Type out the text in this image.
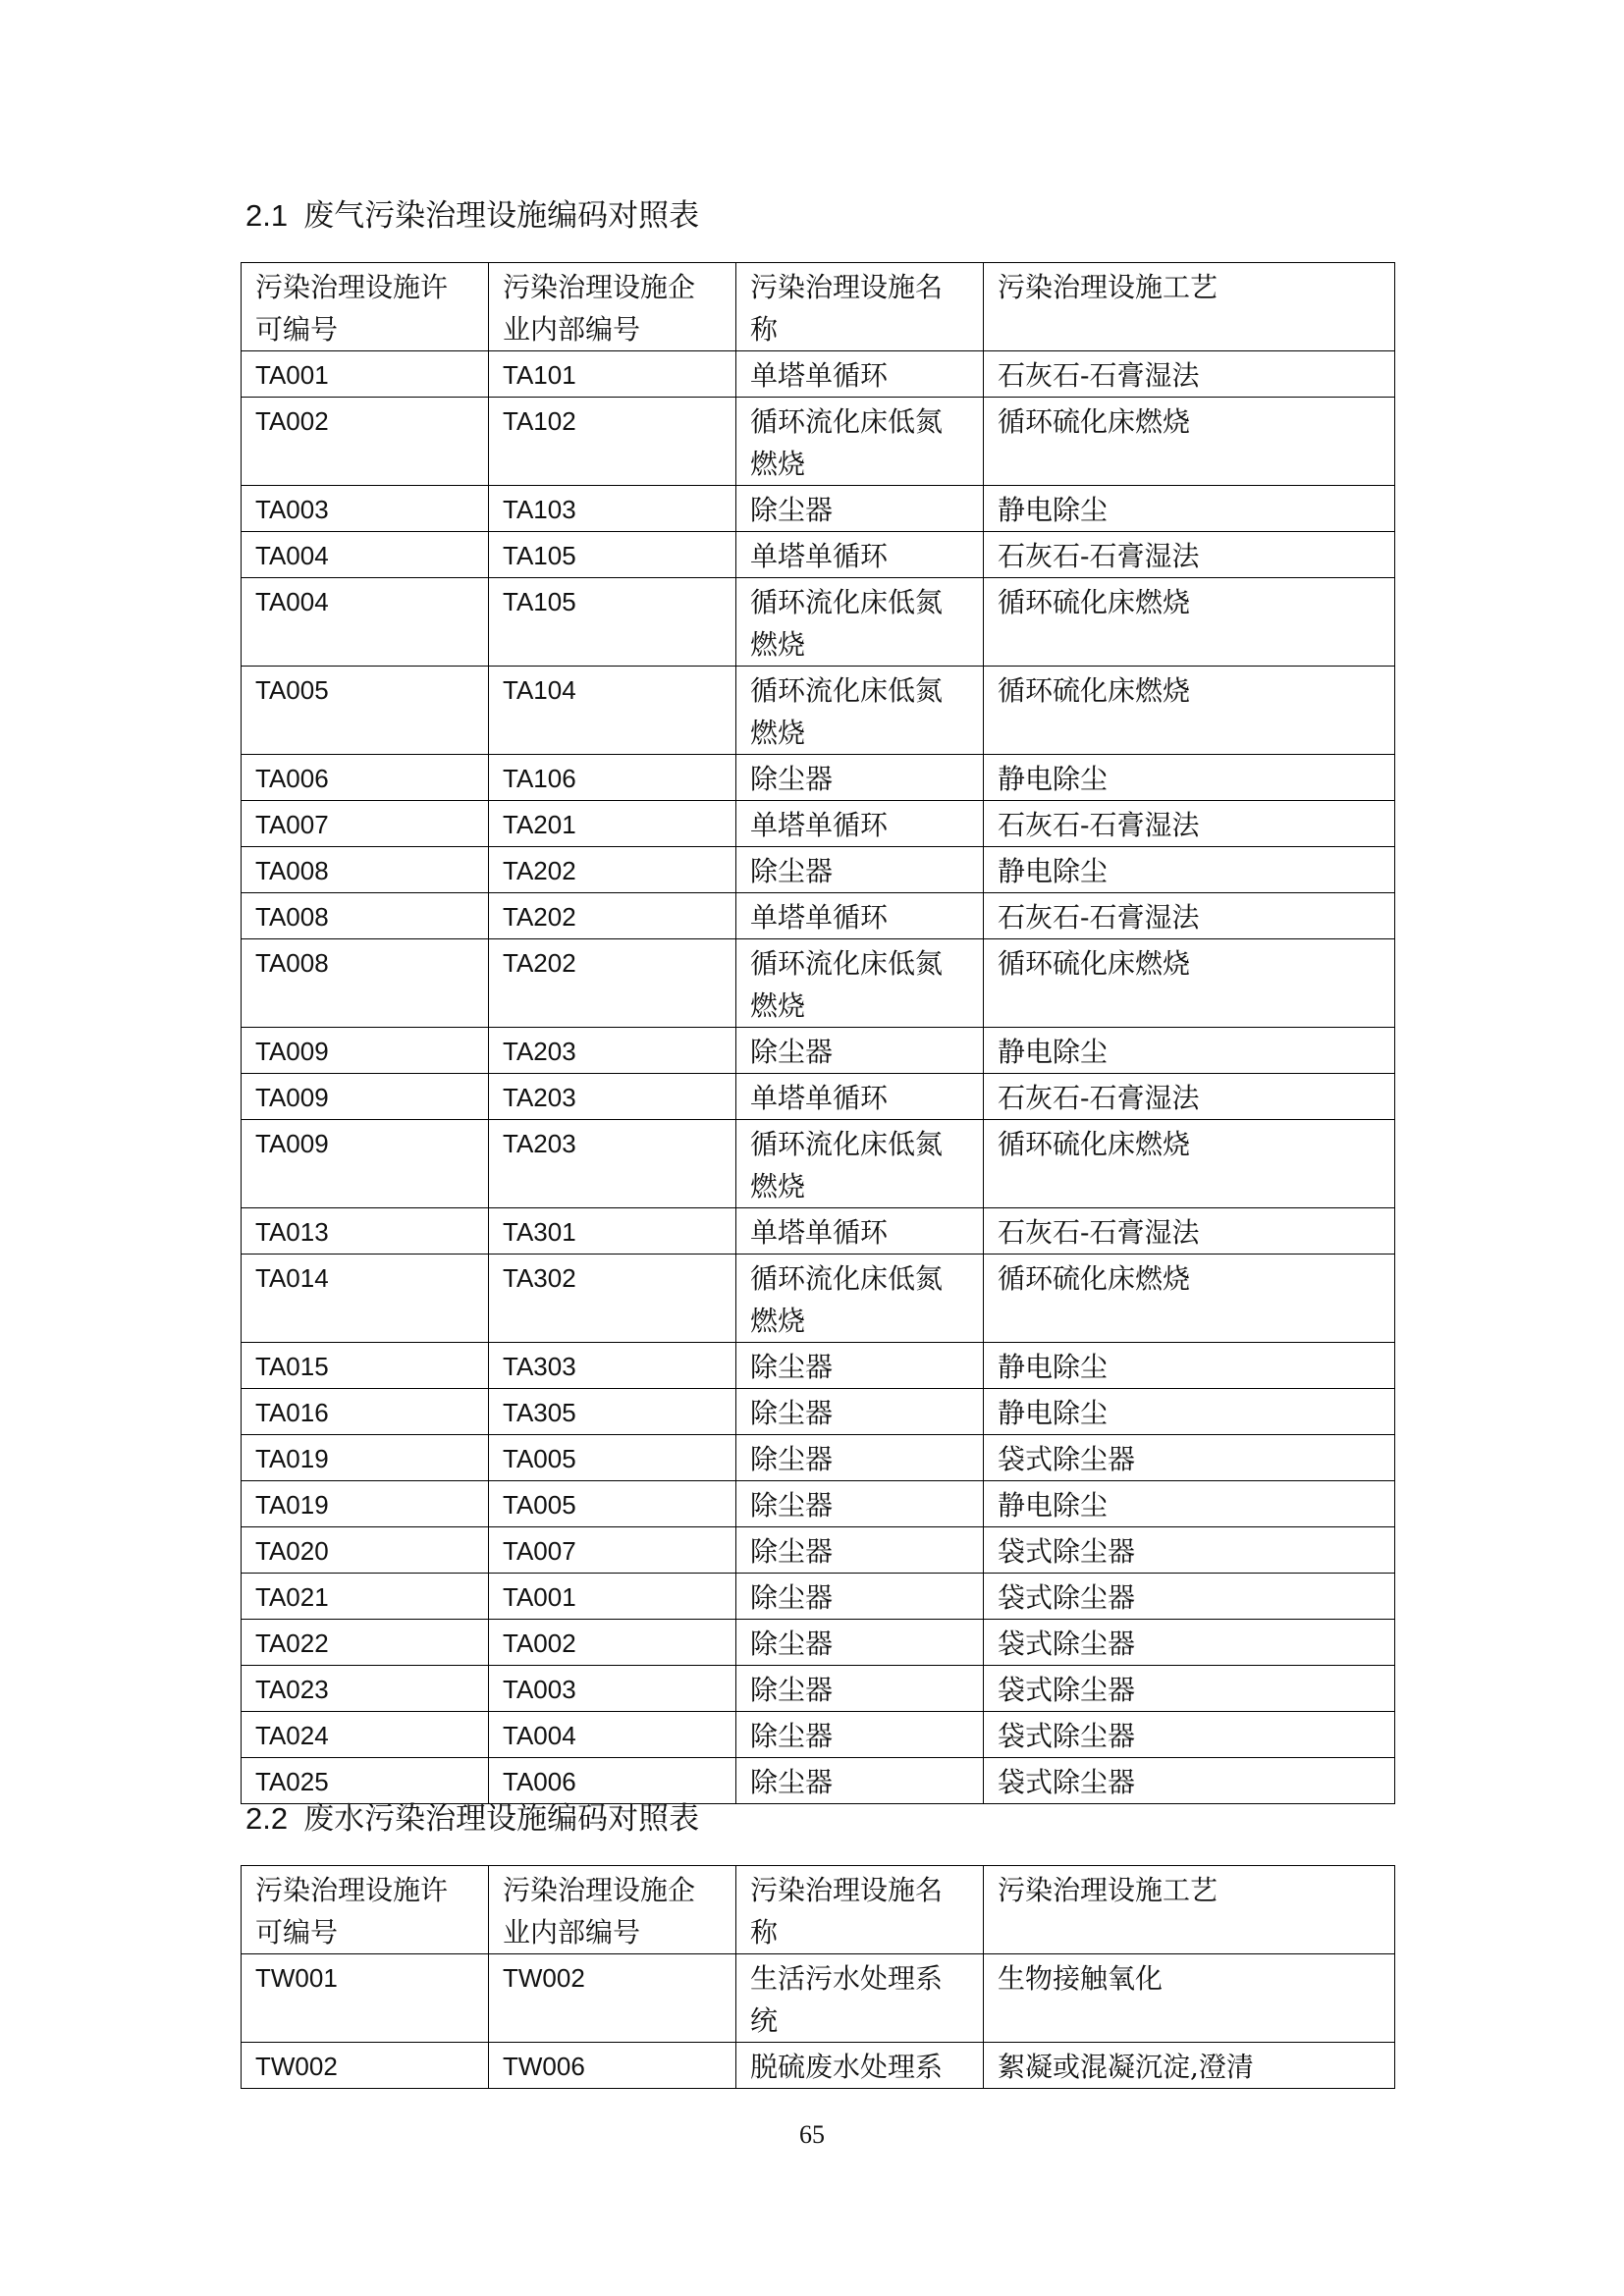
2.1 废气污染治理设施编码对照表
污染治理设施许可编号	污染治理设施企业内部编号	污染治理设施名称	污染治理设施工艺
TA001	TA101	单塔单循环	石灰石-石膏湿法
TA002	TA102	循环流化床低氮燃烧	循环硫化床燃烧
TA003	TA103	除尘器	静电除尘
TA004	TA105	单塔单循环	石灰石-石膏湿法
TA004	TA105	循环流化床低氮燃烧	循环硫化床燃烧
TA005	TA104	循环流化床低氮燃烧	循环硫化床燃烧
TA006	TA106	除尘器	静电除尘
TA007	TA201	单塔单循环	石灰石-石膏湿法
TA008	TA202	除尘器	静电除尘
TA008	TA202	单塔单循环	石灰石-石膏湿法
TA008	TA202	循环流化床低氮燃烧	循环硫化床燃烧
TA009	TA203	除尘器	静电除尘
TA009	TA203	单塔单循环	石灰石-石膏湿法
TA009	TA203	循环流化床低氮燃烧	循环硫化床燃烧
TA013	TA301	单塔单循环	石灰石-石膏湿法
TA014	TA302	循环流化床低氮燃烧	循环硫化床燃烧
TA015	TA303	除尘器	静电除尘
TA016	TA305	除尘器	静电除尘
TA019	TA005	除尘器	袋式除尘器
TA019	TA005	除尘器	静电除尘
TA020	TA007	除尘器	袋式除尘器
TA021	TA001	除尘器	袋式除尘器
TA022	TA002	除尘器	袋式除尘器
TA023	TA003	除尘器	袋式除尘器
TA024	TA004	除尘器	袋式除尘器
TA025	TA006	除尘器	袋式除尘器
2.2 废水污染治理设施编码对照表
污染治理设施许可编号	污染治理设施企业内部编号	污染治理设施名称	污染治理设施工艺
TW001	TW002	生活污水处理系统	生物接触氧化
TW002	TW006	脱硫废水处理系	絮凝或混凝沉淀,澄清
65
